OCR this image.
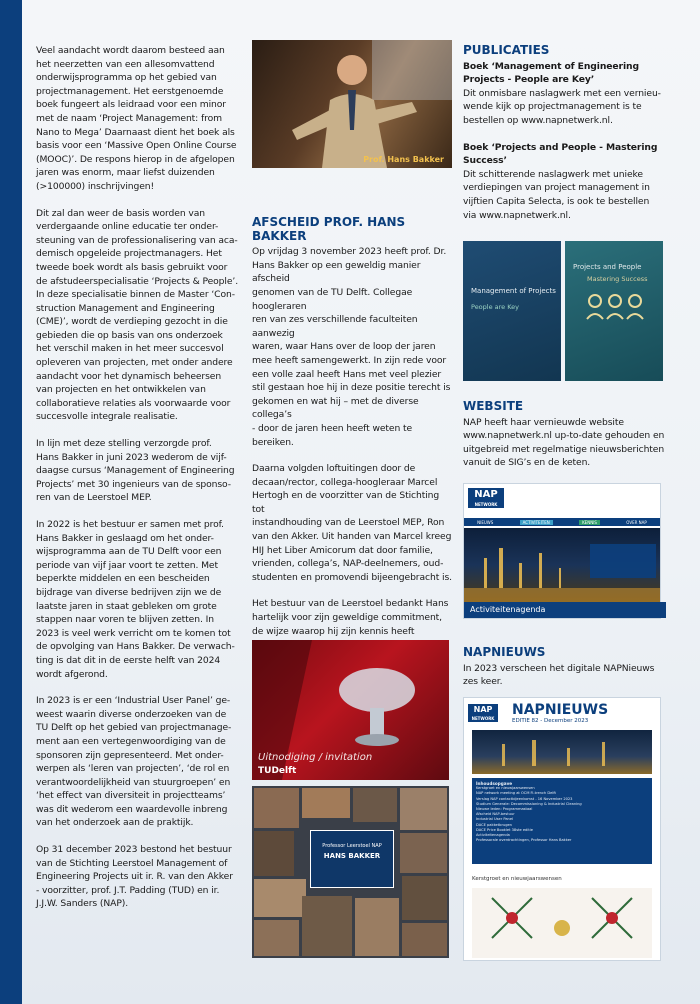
Veel aandacht wordt daarom besteed aan
het neerzetten van een allesomvattend
onderwijsprogramma op het gebied van
projectmanagement. Het eerstgenoemde
boek fungeert als leidraad voor een minor
met de naam ‘Project Management: from
Nano to Mega’ Daarnaast dient het boek als
basis voor een ‘Massive Open Online Course
(MOOC)’. De respons hierop in de afgelopen
jaren was enorm, maar liefst duizenden
(>100000) inschrijvingen!

Dit zal dan weer de basis worden van
verdergaande online educatie ter onder-
steuning van de professionalisering van aca-
demisch opgeleide projectmanagers. Het
tweede boek wordt als basis gebruikt voor
de afstudeerspecialisatie ‘Projects & People’.
In deze specialisatie binnen de Master ‘Con-
struction Management and Engineering
(CME)’, wordt de verdieping gezocht in die
gebieden die op basis van ons onderzoek
het verschil maken in het meer succesvol
opleveren van projecten, met onder andere
aandacht voor het dynamisch beheersen
van projecten en het ontwikkelen van
collaboratieve relaties als voorwaarde voor
succesvolle integrale realisatie.

In lijn met deze stelling verzorgde prof.
Hans Bakker in juni 2023 wederom de vijf-
daagse cursus ‘Management of Engineering
Projects’ met 30 ingenieurs van de sponso-
ren van de Leerstoel MEP.

In 2022 is het bestuur er samen met prof.
Hans Bakker in geslaagd om het onder-
wijsprogramma aan de TU Delft voor een
periode van vijf jaar voort te zetten. Met
beperkte middelen en een bescheiden
bijdrage van diverse bedrijven zijn we de
laatste jaren in staat gebleken om grote
stappen naar voren te blijven zetten. In
2023 is veel werk verricht om te komen tot
de opvolging van Hans Bakker. De verwach-
ting is dat dit in de eerste helft van 2024
wordt afgerond.

In 2023 is er een ‘Industrial User Panel’ ge-
weest waarin diverse onderzoeken van de
TU Delft op het gebied van projectmanage-
ment aan een vertegenwoordiging van de
sponsoren zijn gepresenteerd. Met onder-
werpen als ‘leren van projecten’, ‘de rol en
verantwoordelijkheid van stuurgroepen’ en
‘het effect van diversiteit in projectteams’
was dit wederom een waardevolle inbreng
van het onderzoek aan de praktijk.

Op 31 december 2023 bestond het bestuur
van de Stichting Leerstoel Management of
Engineering Projects uit ir. R. van den Akker
- voorzitter, prof. J.T. Padding (TUD) en ir.
J.J.W. Sanders (NAP).

Prof. Hans Bakker
AFSCHEID PROF. HANS BAKKER

Op vrijdag 3 november 2023 heeft prof. Dr.
Hans Bakker op een geweldig manier afscheid
genomen van de TU Delft. Collegae hoogleraren
ren van zes verschillende faculteiten aanwezig
waren, waar Hans over de loop der jaren
mee heeft samengewerkt. In zijn rede voor
een volle zaal heeft Hans met veel plezier
stil gestaan hoe hij in deze positie terecht is
gekomen en wat hij – met de diverse collega’s
- door de jaren heen heeft weten te bereiken.

Daarna volgden loftuitingen door de
decaan/rector, collega-hoogleraar Marcel
Hertogh en de voorzitter van de Stichting tot
instandhouding van de Leerstoel MEP, Ron
van den Akker. Uit handen van Marcel kreeg
HIJ het Liber Amicorum dat door familie,
vrienden, collega’s, NAP-deelnemers, oud-
studenten en promovendi bijeengebracht is.

Het bestuur van de Leerstoel bedankt Hans
hartelijk voor zijn geweldige commitment,
de wijze waarop hij zijn kennis heeft

Uitnodiging / invitation
TUDelft
Professor Leerstoel NAP
HANS BAKKER
PUBLICATIES
Boek ‘Management of Engineering
Projects - People are Key’

Dit onmisbare naslagwerk met een vernieu-
wende kijk op projectmanagement is te
bestellen op www.napnetwerk.nl.

Boek ‘Projects and People - Mastering
Success’

Dit schitterende naslagwerk met unieke
verdiepingen van project management in
vijftien Capita Selecta, is ook te bestellen
via www.napnetwerk.nl.

Management of Projects
People are Key
Projects and People
Mastering Success
WEBSITE

NAP heeft haar vernieuwde website
www.napnetwerk.nl up-to-date gehouden en
uitgebreid met regelmatige nieuwsberichten
vanuit de SIG’s en de keten.

NAP
NETWORK
NIEUWS	ACTIVITEITEN	KENNIS	OVER NAP
Activiteitenagenda
NAPNIEUWS

In 2023 verscheen het digitale NAPNieuws
zes keer.

NAP
NETWORK
NAPNIEUWS
EDITIE 82 - December 2023
Inhoudsopgave
Kerstgroet en nieuwjaarswensen
NAP network meeting at OCM Fi-trench Delft
Verslag NAP contactbijeenkomst - 16 November 2023
Studium Generale: Decommissioning & Industrial Cleaning
Nieuwe leden: Programmastaal
Afscheid NAP-bestuur
Industrial User Panel
DACE pakketbrugen
DACE Price Booklet 38ste editie
Activiteitenagenda
Professorale overdrachtingen, Professor Hans Bakker
Kerstgroet en nieuwjaarswensen
